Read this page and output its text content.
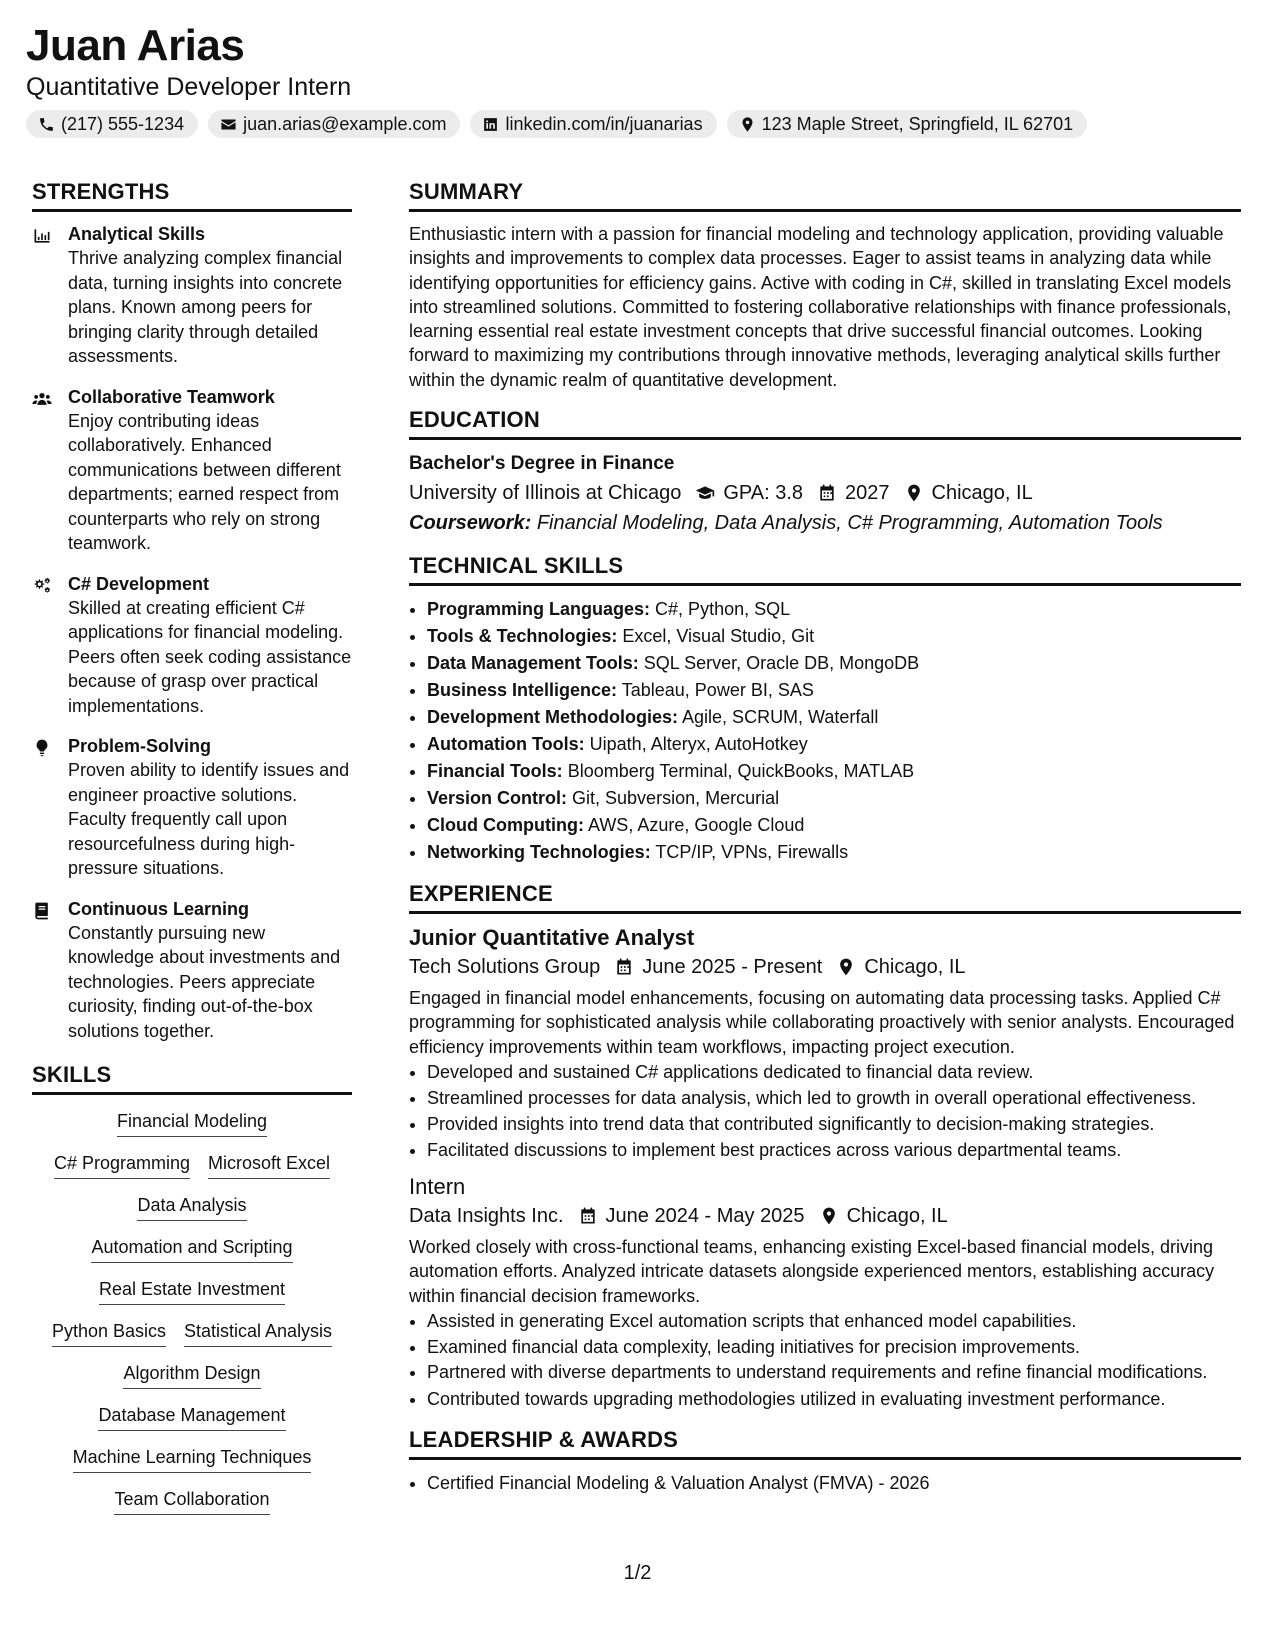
Juan Arias
Quantitative Developer Intern
(217) 555-1234	juan.arias@example.com	linkedin.com/in/juanarias	123 Maple Street, Springfield, IL 62701
STRENGTHS
Analytical Skills
Thrive analyzing complex financial data, turning insights into concrete plans. Known among peers for bringing clarity through detailed assessments.
Collaborative Teamwork
Enjoy contributing ideas collaboratively. Enhanced communications between different departments; earned respect from counterparts who rely on strong teamwork.
C# Development
Skilled at creating efficient C# applications for financial modeling. Peers often seek coding assistance because of grasp over practical implementations.
Problem-Solving
Proven ability to identify issues and engineer proactive solutions. Faculty frequently call upon resourcefulness during high-pressure situations.
Continuous Learning
Constantly pursuing new knowledge about investments and technologies. Peers appreciate curiosity, finding out-of-the-box solutions together.
SKILLS
Financial Modeling
C# Programming Microsoft Excel
Data Analysis
Automation and Scripting
Real Estate Investment
Python Basics Statistical Analysis
Algorithm Design
Database Management
Machine Learning Techniques
Team Collaboration
SUMMARY

Enthusiastic intern with a passion for financial modeling and technology application, providing valuable insights and improvements to complex data processes. Eager to assist teams in analyzing data while identifying opportunities for efficiency gains. Active with coding in C#, skilled in translating Excel models into streamlined solutions. Committed to fostering collaborative relationships with finance professionals, learning essential real estate investment concepts that drive successful financial outcomes. Looking forward to maximizing my contributions through innovative methods, leveraging analytical skills further within the dynamic realm of quantitative development.

EDUCATION
Bachelor's Degree in Finance
University of Illinois at Chicago GPA: 3.8 2027 Chicago, IL
Coursework: Financial Modeling, Data Analysis, C# Programming, Automation Tools
TECHNICAL SKILLS
• Programming Languages: C#, Python, SQL
• Tools & Technologies: Excel, Visual Studio, Git
• Data Management Tools: SQL Server, Oracle DB, MongoDB
• Business Intelligence: Tableau, Power BI, SAS
• Development Methodologies: Agile, SCRUM, Waterfall
• Automation Tools: Uipath, Alteryx, AutoHotkey
• Financial Tools: Bloomberg Terminal, QuickBooks, MATLAB
• Version Control: Git, Subversion, Mercurial
• Cloud Computing: AWS, Azure, Google Cloud
• Networking Technologies: TCP/IP, VPNs, Firewalls
EXPERIENCE
Junior Quantitative Analyst
Tech Solutions Group June 2025 - Present Chicago, IL

Engaged in financial model enhancements, focusing on automating data processing tasks. Applied C# programming for sophisticated analysis while collaborating proactively with senior analysts. Encouraged efficiency improvements within team workflows, impacting project execution.

• Developed and sustained C# applications dedicated to financial data review.
• Streamlined processes for data analysis, which led to growth in overall operational effectiveness.
• Provided insights into trend data that contributed significantly to decision-making strategies.
• Facilitated discussions to implement best practices across various departmental teams.
Intern
Data Insights Inc. June 2024 - May 2025 Chicago, IL

Worked closely with cross-functional teams, enhancing existing Excel-based financial models, driving automation efforts. Analyzed intricate datasets alongside experienced mentors, establishing accuracy within financial decision frameworks.

• Assisted in generating Excel automation scripts that enhanced model capabilities.
• Examined financial data complexity, leading initiatives for precision improvements.
• Partnered with diverse departments to understand requirements and refine financial modifications.
• Contributed towards upgrading methodologies utilized in evaluating investment performance.
LEADERSHIP & AWARDS
• Certified Financial Modeling & Valuation Analyst (FMVA) - 2026
1/2
